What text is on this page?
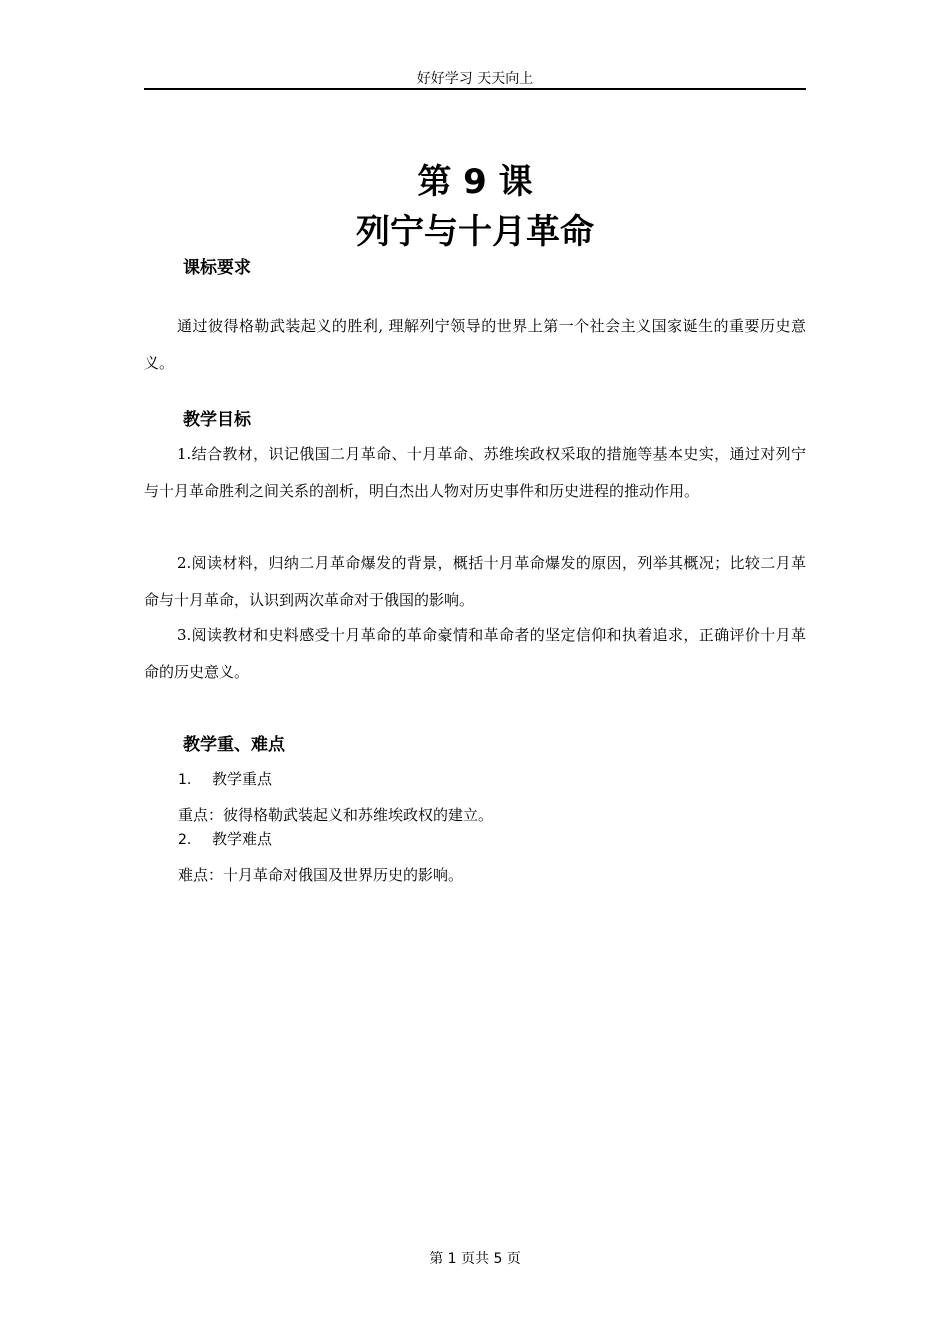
好好学习 天天向上
第 9 课
列宁与十月革命
课标要求
通过彼得格勒武装起义的胜利, 理解列宁领导的世界上第一个社会主义国家诞生的重要历史意义。
教学目标
1.结合教材，识记俄国二月革命、十月革命、苏维埃政权采取的措施等基本史实，通过对列宁与十月革命胜利之间关系的剖析，明白杰出人物对历史事件和历史进程的推动作用。
2.阅读材料，归纳二月革命爆发的背景，概括十月革命爆发的原因，列举其概况；比较二月革命与十月革命，认识到两次革命对于俄国的影响。
3.阅读教材和史料感受十月革命的革命豪情和革命者的坚定信仰和执着追求，正确评价十月革命的历史意义。
教学重、难点
1. 教学重点
重点：彼得格勒武装起义和苏维埃政权的建立。
2. 教学难点
难点：十月革命对俄国及世界历史的影响。
第 1 页共 5 页
